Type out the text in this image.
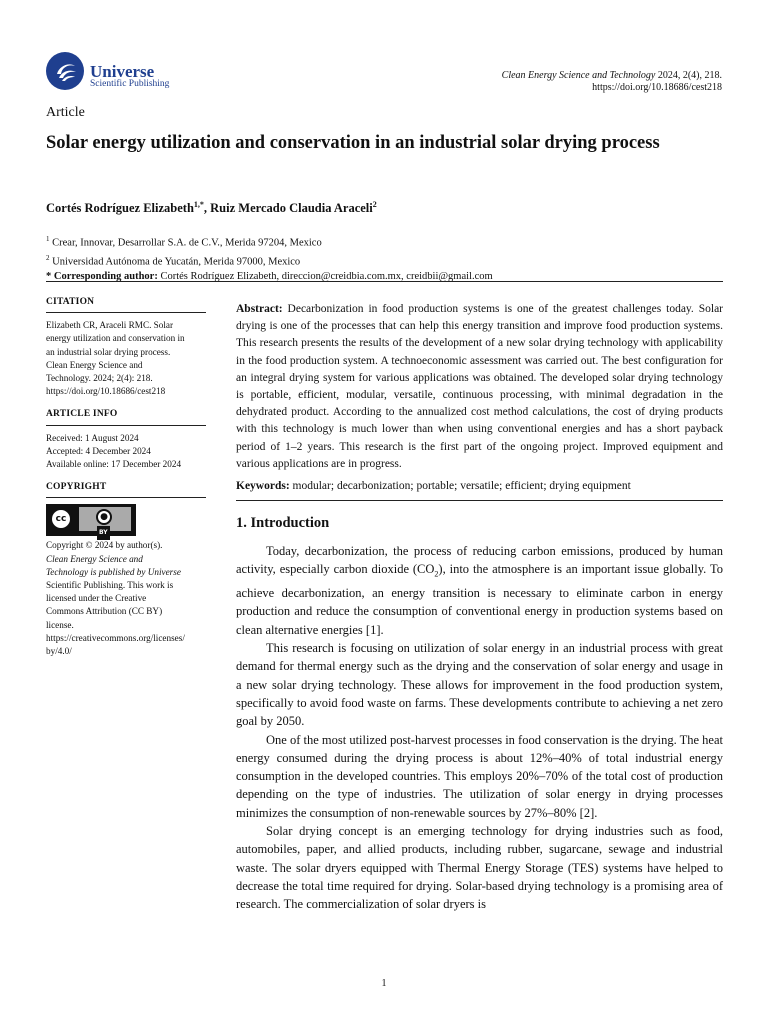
Universe
Scientific Publishing
Clean Energy Science and Technology 2024, 2(4), 218.
https://doi.org/10.18686/cest218
Article
Solar energy utilization and conservation in an industrial solar drying process
Cortés Rodríguez Elizabeth$^{1,*}$, Ruiz Mercado Claudia Araceli$^2$
$^1$ Crear, Innovar, Desarrollar S.A. de C.V., Merida 97204, Mexico
$^2$ Universidad Autónoma de Yucatán, Merida 97000, Mexico
* Corresponding author: Cortés Rodríguez Elizabeth, direccion@creidbia.com.mx, creidbii@gmail.com
CITATION
Elizabeth CR, Araceli RMC. Solar
energy utilization and conservation in
an industrial solar drying process.
Clean Energy Science and
Technology. 2024; 2(4): 218.
https://doi.org/10.18686/cest218
ARTICLE INFO
Received: 1 August 2024
Accepted: 4 December 2024
Available online: 17 December 2024
COPYRIGHT
cc	●
BY
Copyright © 2024 by author(s).
Clean Energy Science and
Technology is published by Universe
Scientific Publishing. This work is
licensed under the Creative
Commons Attribution (CC BY)
license.
https://creativecommons.org/licenses/
by/4.0/
Abstract: Decarbonization in food production systems is one of the greatest challenges today. Solar drying is one of the processes that can help this energy transition and improve food production systems. This research presents the results of the development of a new solar drying technology with applicability in the food production system. A technoeconomic assessment was carried out. The best configuration for an integral drying system for various applications was obtained. The developed solar drying technology is portable, efficient, modular, versatile, continuous processing, with minimal degradation in the dehydrated product. According to the annualized cost method calculations, the cost of drying products with this technology is much lower than when using conventional energies and has a short payback period of 1–2 years. This research is the first part of the ongoing project. Improved equipment and various applications are in progress.
Keywords: modular; decarbonization; portable; versatile; efficient; drying equipment
1. Introduction

Today, decarbonization, the process of reducing carbon emissions, produced by human activity, especially carbon dioxide $(CO_2)$, into the atmosphere is an important issue globally. To achieve decarbonization, an energy transition is necessary to eliminate carbon in energy production and reduce the consumption of conventional energy in production systems based on clean alternative energies [1].

This research is focusing on utilization of solar energy in an industrial process with great demand for thermal energy such as the drying and the conservation of solar energy and usage in a new solar drying technology. These allows for improvement in the food production system, specifically to avoid food waste on farms. These developments contribute to achieving a net zero goal by 2050.

One of the most utilized post-harvest processes in food conservation is the drying. The heat energy consumed during the drying process is about 12%–40% of total industrial energy consumption in the developed countries. This employs 20%–70% of the total cost of production depending on the type of industries. The utilization of solar energy in drying processes minimizes the consumption of non-renewable sources by 27%–80% [2].

Solar drying concept is an emerging technology for drying industries such as food, automobiles, paper, and allied products, including rubber, sugarcane, sewage and industrial waste. The solar dryers equipped with Thermal Energy Storage (TES) systems have helped to decrease the total time required for drying. Solar-based drying technology is a promising area of research. The commercialization of solar dryers is

1
